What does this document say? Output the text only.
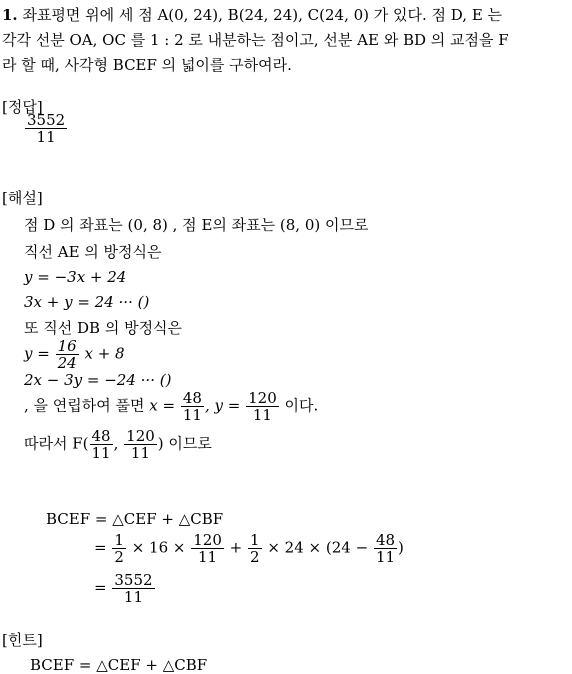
1. 좌표평면 위에 세 점 A(0, 24), B(24, 24), C(24, 0) 가 있다. 점 D, E 는
각각 선분 OA, OC 를 1 : 2 로 내분하는 점이고, 선분 AE 와 BD 의 교점을 F
라 할 때, 사각형 BCEF 의 넓이를 구하여라.
[정답]
$\frac{3552}{11}$
[해설]
점 D 의 좌표는 (0, 8) , 점 E의 좌표는 (8, 0) 이므로
직선 AE 의 방정식은
y = −3x + 24
3x + y = 24 ··· ()
또 직선 DB 의 방정식은
$y = \frac{16}{24}$ x + 8
2x − 3y = −24 ··· ()
, 을 연립하여 풀면 $x = \frac{48}{11}$ , $y = \frac{120}{11}$ 이다.
따라서 $F( \frac{48}{11}$ , $\frac{120}{11}$ ) 이므로
BCEF = △CEF + △CBF
= $\frac{1}{2} \times 16 \times \frac{120}{11} + \frac{1}{2} \times 24 \times (24 - \frac{48}{11}$ )
= $\frac{3552}{11}$
[힌트]
BCEF = △CEF + △CBF
